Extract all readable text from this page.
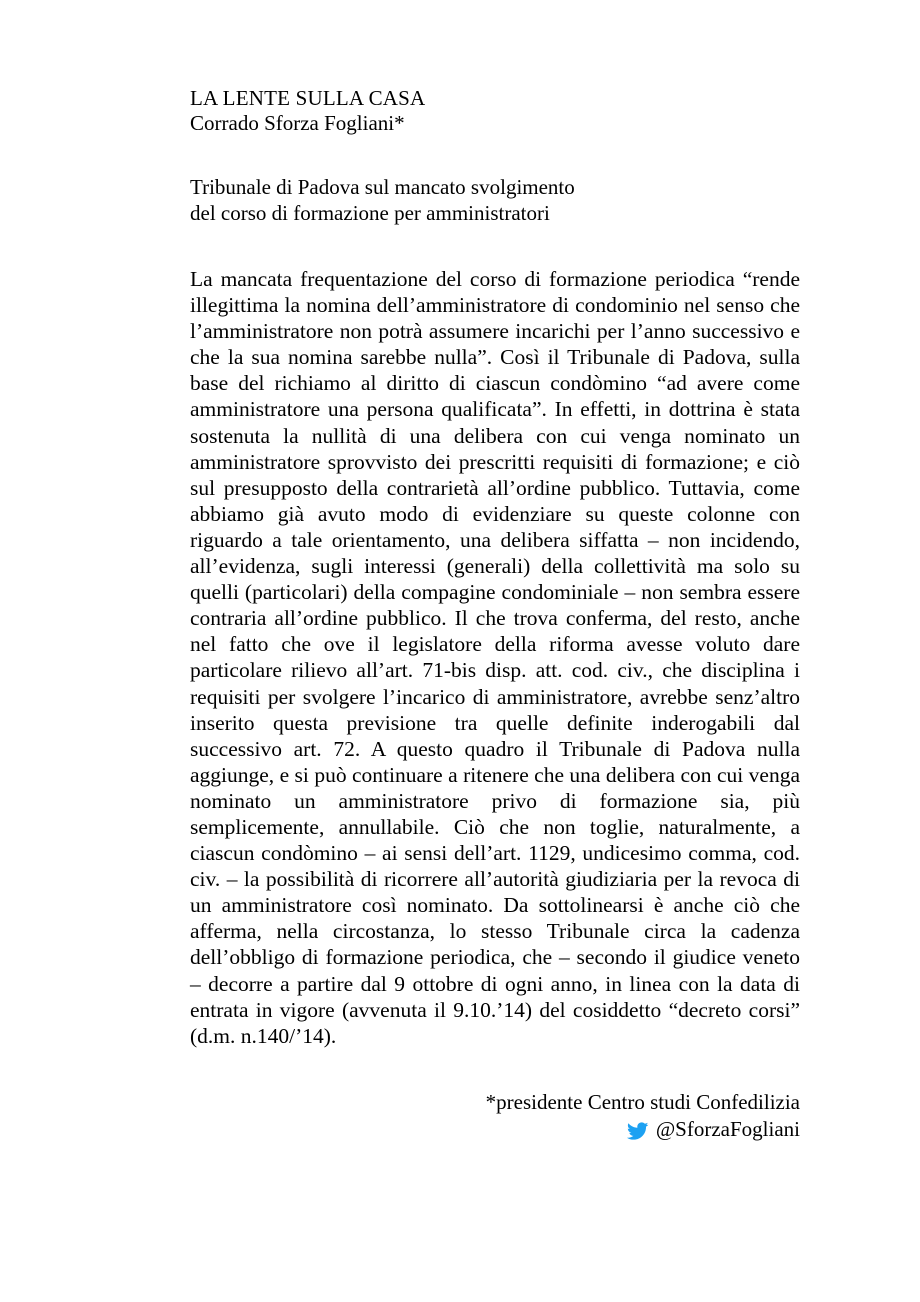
LA LENTE SULLA CASA
Corrado Sforza Fogliani*
Tribunale di Padova sul mancato svolgimento
del corso di formazione per amministratori

La mancata frequentazione del corso di formazione periodica “rende illegittima la nomina dell’amministratore di condominio nel senso che l’amministratore non potrà assumere incarichi per l’anno successivo e che la sua nomina sarebbe nulla”. Così il Tribunale di Padova, sulla base del richiamo al diritto di ciascun condòmino “ad avere come amministratore una persona qualificata”. In effetti, in dottrina è stata sostenuta la nullità di una delibera con cui venga nominato un amministratore sprovvisto dei prescritti requisiti di formazione; e ciò sul presupposto della contrarietà all’ordine pubblico. Tuttavia, come abbiamo già avuto modo di evidenziare su queste colonne con riguardo a tale orientamento, una delibera siffatta – non incidendo, all’evidenza, sugli interessi (generali) della collettività ma solo su quelli (particolari) della compagine condominiale – non sembra essere contraria all’ordine pubblico. Il che trova conferma, del resto, anche nel fatto che ove il legislatore della riforma avesse voluto dare particolare rilievo all’art. 71-bis disp. att. cod. civ., che disciplina i requisiti per svolgere l’incarico di amministratore, avrebbe senz’altro inserito questa previsione tra quelle definite inderogabili dal successivo art. 72. A questo quadro il Tribunale di Padova nulla aggiunge, e si può continuare a ritenere che una delibera con cui venga nominato un amministratore privo di formazione sia, più semplicemente, annullabile. Ciò che non toglie, naturalmente, a ciascun condòmino – ai sensi dell’art. 1129, undicesimo comma, cod. civ. – la possibilità di ricorrere all’autorità giudiziaria per la revoca di un amministratore così nominato. Da sottolinearsi è anche ciò che afferma, nella circostanza, lo stesso Tribunale circa la cadenza dell’obbligo di formazione periodica, che – secondo il giudice veneto – decorre a partire dal 9 ottobre di ogni anno, in linea con la data di entrata in vigore (avvenuta il 9.10.’14) del cosiddetto “decreto corsi” (d.m. n.140/’14).

*presidente Centro studi Confedilizia
@SforzaFogliani
